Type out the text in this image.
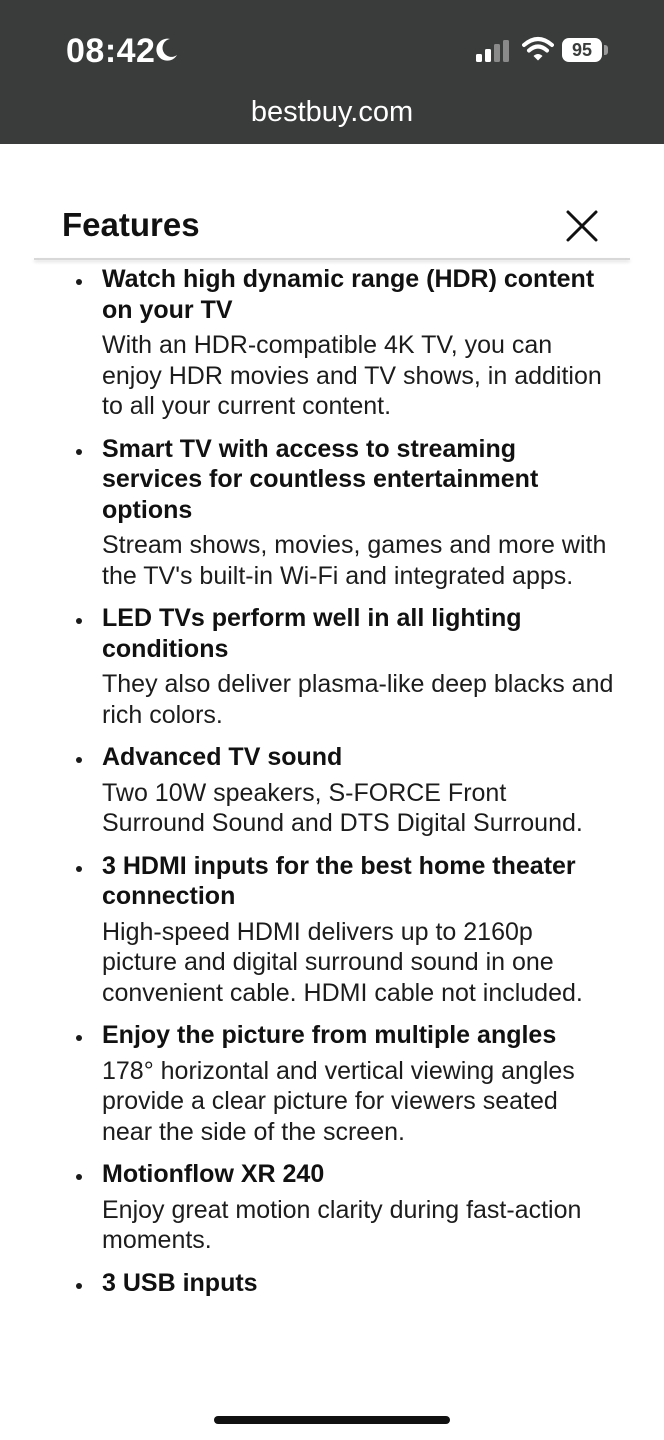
08:42	95
bestbuy.com
Features
Watch high dynamic range (HDR) content on your TV
With an HDR-compatible 4K TV, you can enjoy HDR movies and TV shows, in addition to all your current content.
Smart TV with access to streaming services for countless entertainment options
Stream shows, movies, games and more with the TV's built-in Wi-Fi and integrated apps.
LED TVs perform well in all lighting conditions
They also deliver plasma-like deep blacks and rich colors.
Advanced TV sound
Two 10W speakers, S-FORCE Front Surround Sound and DTS Digital Surround.
3 HDMI inputs for the best home theater connection
High-speed HDMI delivers up to 2160p picture and digital surround sound in one convenient cable. HDMI cable not included.
Enjoy the picture from multiple angles
178° horizontal and vertical viewing angles provide a clear picture for viewers seated near the side of the screen.
Motionflow XR 240
Enjoy great motion clarity during fast-action moments.
3 USB inputs
